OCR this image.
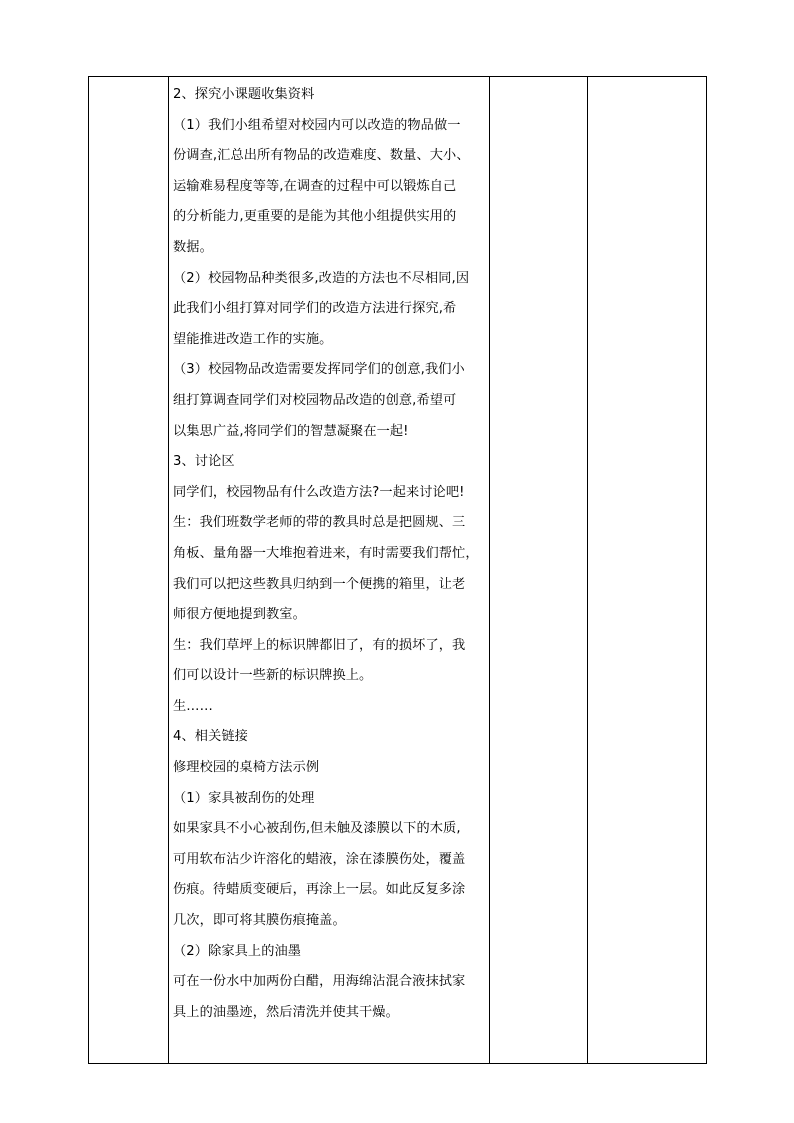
2、探究小课题收集资料
（1）我们小组希望对校园内可以改造的物品做一
份调查,汇总出所有物品的改造难度、数量、大小、
运输难易程度等等,在调查的过程中可以锻炼自己
的分析能力,更重要的是能为其他小组提供实用的
数据。
（2）校园物品种类很多,改造的方法也不尽相同,因
此我们小组打算对同学们的改造方法进行探究,希
望能推进改造工作的实施。
（3）校园物品改造需要发挥同学们的创意,我们小
组打算调查同学们对校园物品改造的创意,希望可
以集思广益,将同学们的智慧凝聚在一起!
3、讨论区
同学们，校园物品有什么改造方法?一起来讨论吧!
生：我们班数学老师的带的教具时总是把圆规、三
角板、量角器一大堆抱着进来，有时需要我们帮忙，
我们可以把这些教具归纳到一个便携的箱里，让老
师很方便地提到教室。
生：我们草坪上的标识牌都旧了，有的损坏了，我
们可以设计一些新的标识牌换上。
生……
4、相关链接
修理校园的桌椅方法示例
（1）家具被刮伤的处理
如果家具不小心被刮伤,但未触及漆膜以下的木质,
可用软布沾少许溶化的蜡液，涂在漆膜伤处，覆盖
伤痕。待蜡质变硬后，再涂上一层。如此反复多涂
几次，即可将其膜伤痕掩盖。
（2）除家具上的油墨
可在一份水中加两份白醋，用海绵沾混合液抹拭家
具上的油墨迹，然后清洗并使其干燥。
